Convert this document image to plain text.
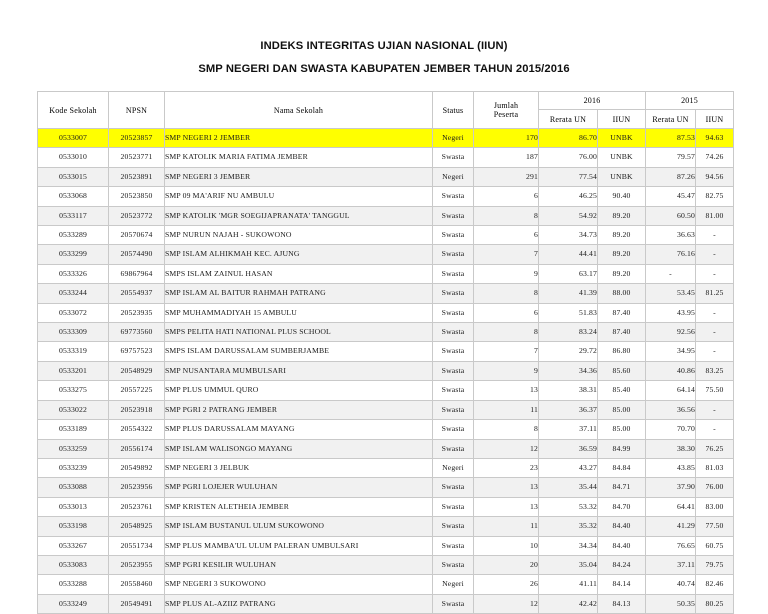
INDEKS INTEGRITAS UJIAN NASIONAL (IIUN)
SMP NEGERI DAN SWASTA KABUPATEN JEMBER TAHUN 2015/2016
Kode Sekolah	NPSN	Nama Sekolah	Status	Jumlah
Peserta	2016		2015	
					Rerata UN	IIUN	Rerata UN	IIUN
0533007	20523857	SMP NEGERI 2 JEMBER	Negeri	170	86.70	UNBK	87.53	94.63
0533010	20523771	SMP KATOLIK MARIA FATIMA JEMBER	Swasta	187	76.00	UNBK	79.57	74.26
0533015	20523891	SMP NEGERI 3 JEMBER	Negeri	291	77.54	UNBK	87.26	94.56
0533068	20523850	SMP 09 MA'ARIF NU AMBULU	Swasta	6	46.25	90.40	45.47	82.75
0533117	20523772	SMP KATOLIK 'MGR SOEGIJAPRANATA' TANGGUL	Swasta	8	54.92	89.20	60.50	81.00
0533289	20570674	SMP NURUN NAJAH - SUKOWONO	Swasta	6	34.73	89.20	36.63	-
0533299	20574490	SMP ISLAM ALHIKMAH KEC. AJUNG	Swasta	7	44.41	89.20	76.16	-
0533326	69867964	SMPS ISLAM ZAINUL HASAN	Swasta	9	63.17	89.20	-	-
0533244	20554937	SMP ISLAM AL BAITUR RAHMAH PATRANG	Swasta	8	41.39	88.00	53.45	81.25
0533072	20523935	SMP MUHAMMADIYAH 15 AMBULU	Swasta	6	51.83	87.40	43.95	-
0533309	69773560	SMPS PELITA HATI NATIONAL PLUS SCHOOL	Swasta	8	83.24	87.40	92.56	-
0533319	69757523	SMPS ISLAM DARUSSALAM SUMBERJAMBE	Swasta	7	29.72	86.80	34.95	-
0533201	20548929	SMP NUSANTARA MUMBULSARI	Swasta	9	34.36	85.60	40.86	83.25
0533275	20557225	SMP PLUS UMMUL QURO	Swasta	13	38.31	85.40	64.14	75.50
0533022	20523918	SMP PGRI 2 PATRANG JEMBER	Swasta	11	36.37	85.00	36.56	-
0533189	20554322	SMP PLUS DARUSSALAM MAYANG	Swasta	8	37.11	85.00	70.70	-
0533259	20556174	SMP ISLAM WALISONGO MAYANG	Swasta	12	36.59	84.99	38.30	76.25
0533239	20549892	SMP NEGERI 3 JELBUK	Negeri	23	43.27	84.84	43.85	81.03
0533088	20523956	SMP PGRI LOJEJER WULUHAN	Swasta	13	35.44	84.71	37.90	76.00
0533013	20523761	SMP KRISTEN ALETHEIA JEMBER	Swasta	13	53.32	84.70	64.41	83.00
0533198	20548925	SMP ISLAM BUSTANUL ULUM SUKOWONO	Swasta	11	35.32	84.40	41.29	77.50
0533267	20551734	SMP PLUS MAMBA'UL ULUM PALERAN UMBULSARI	Swasta	10	34.34	84.40	76.65	60.75
0533083	20523955	SMP PGRI KESILIR WULUHAN	Swasta	20	35.04	84.24	37.11	79.75
0533288	20558460	SMP NEGERI 3 SUKOWONO	Negeri	26	41.11	84.14	40.74	82.46
0533249	20549491	SMP PLUS AL-AZIIZ PATRANG	Swasta	12	42.42	84.13	50.35	80.25
